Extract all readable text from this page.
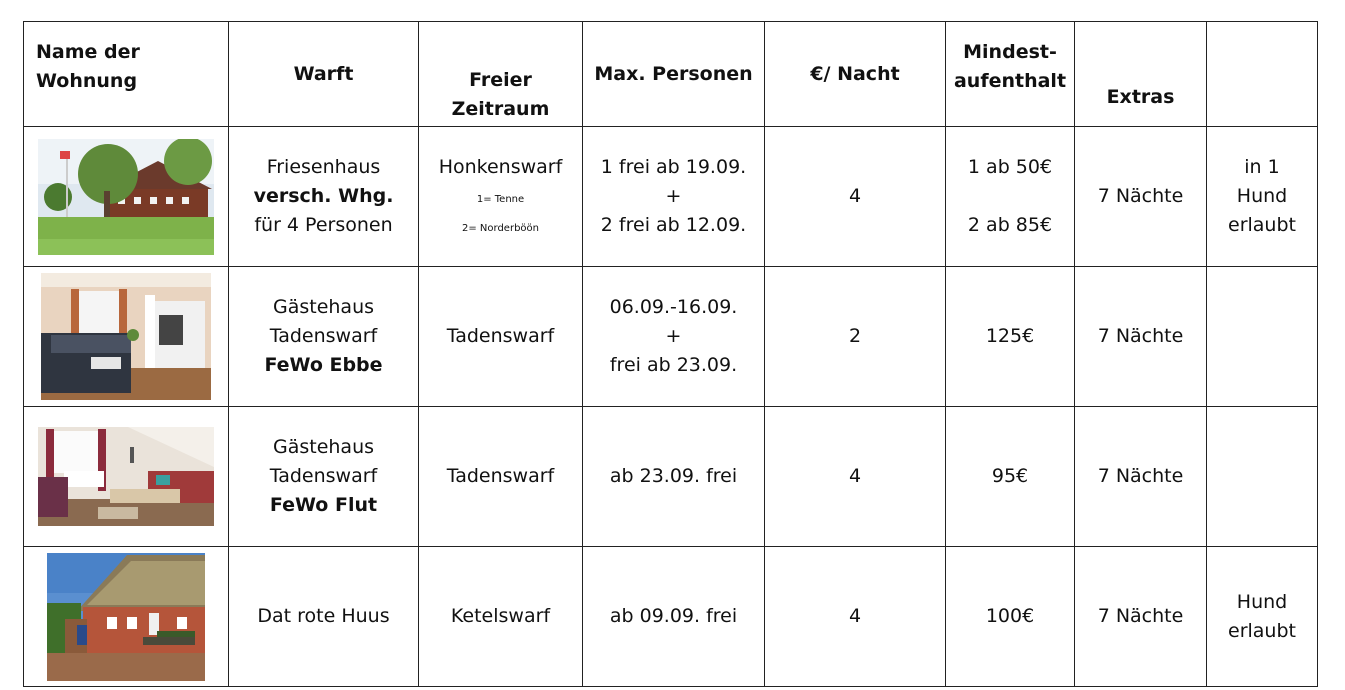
Name der
Wohnung	Warft	Freier
Zeitraum	Max. Personen	€/ Nacht	Mindest-
aufenthalt	Extras	

	Friesenhaus
versch. Whg.
für 4 Personen	Honkenswarf
1= Tenne
2= Norderböön	1 frei ab 19.09.
+
2 frei ab 12.09.	4	1 ab 50€
2 ab 85€	7 Nächte	in 1
Hund
erlaubt

	Gästehaus
Tadenswarf
FeWo Ebbe	Tadenswarf	06.09.-16.09.
+
frei ab 23.09.	2	125€	7 Nächte	

	Gästehaus
Tadenswarf
FeWo Flut	Tadenswarf	ab 23.09. frei	4	95€	7 Nächte	

	Dat rote Huus	Ketelswarf	ab 09.09. frei	4	100€	7 Nächte	Hund
erlaubt
